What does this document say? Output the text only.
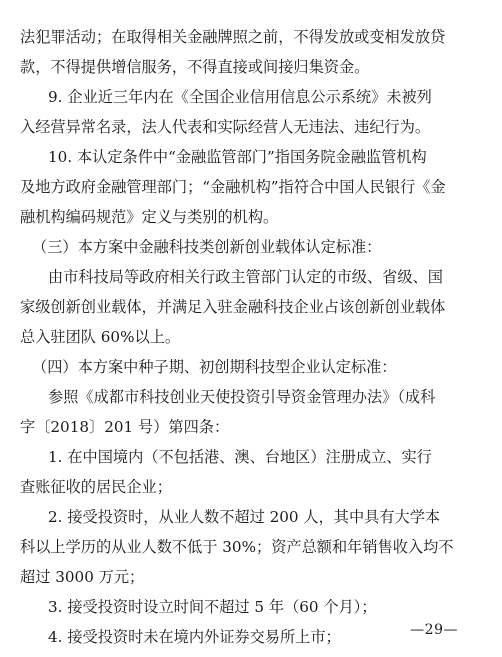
法犯罪活动；在取得相关金融牌照之前，不得发放或变相发放贷
款，不得提供增信服务，不得直接或间接归集资金。
9. 企业近三年内在《全国企业信用信息公示系统》未被列
入经营异常名录，法人代表和实际经营人无违法、违纪行为。
10. 本认定条件中“金融监管部门”指国务院金融监管机构
及地方政府金融管理部门；“金融机构”指符合中国人民银行《金
融机构编码规范》定义与类别的机构。
（三）本方案中金融科技类创新创业载体认定标准：
由市科技局等政府相关行政主管部门认定的市级、省级、国
家级创新创业载体，并满足入驻金融科技企业占该创新创业载体
总入驻团队 60%以上。
（四）本方案中种子期、初创期科技型企业认定标准：
参照《成都市科技创业天使投资引导资金管理办法》（成科
字〔2018〕201 号）第四条：
1. 在中国境内（不包括港、澳、台地区）注册成立、实行
查账征收的居民企业；
2. 接受投资时，从业人数不超过 200 人，其中具有大学本
科以上学历的从业人数不低于 30%；资产总额和年销售收入均不
超过 3000 万元；
3. 接受投资时设立时间不超过 5 年（60 个月）；
4. 接受投资时未在境内外证券交易所上市；	—29—
